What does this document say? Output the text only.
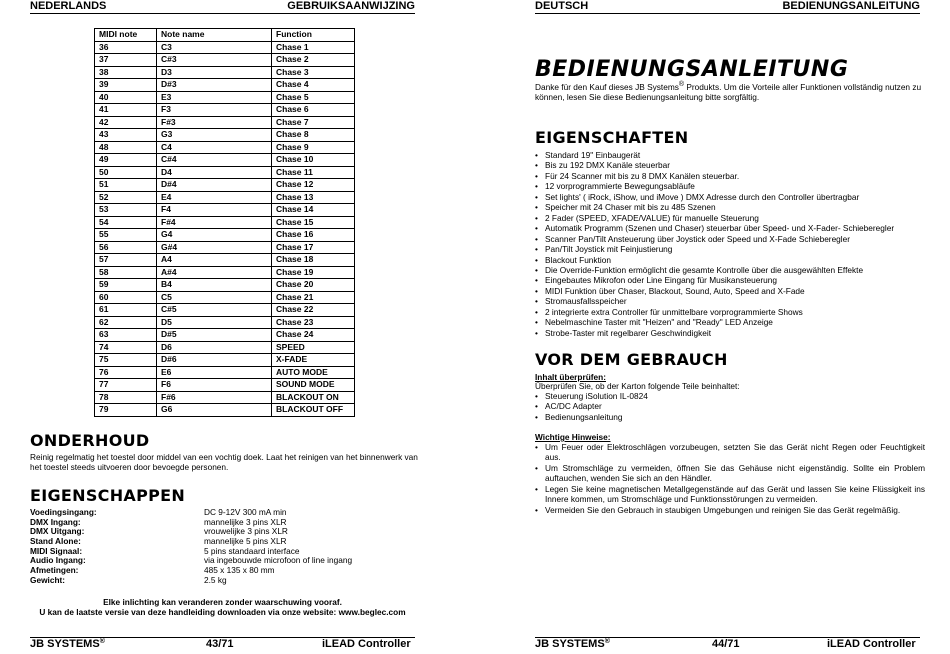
NEDERLANDS	GEBRUIKSAANWIJZING
MIDI note	Note name	Function
36	C3	Chase 1
37	C#3	Chase 2
38	D3	Chase 3
39	D#3	Chase 4
40	E3	Chase 5
41	F3	Chase 6
42	F#3	Chase 7
43	G3	Chase 8
48	C4	Chase 9
49	C#4	Chase 10
50	D4	Chase 11
51	D#4	Chase 12
52	E4	Chase 13
53	F4	Chase 14
54	F#4	Chase 15
55	G4	Chase 16
56	G#4	Chase 17
57	A4	Chase 18
58	A#4	Chase 19
59	B4	Chase 20
60	C5	Chase 21
61	C#5	Chase 22
62	D5	Chase 23
63	D#5	Chase 24
74	D6	SPEED
75	D#6	X-FADE
76	E6	AUTO MODE
77	F6	SOUND MODE
78	F#6	BLACKOUT ON
79	G6	BLACKOUT OFF
ONDERHOUD

Reinig regelmatig het toestel door middel van een vochtig doek. Laat het reinigen van het binnenwerk van het toestel steeds uitvoeren door bevoegde personen.

EIGENSCHAPPEN
Voedingsingang:	DC 9-12V 300 mA min
DMX Ingang:	mannelijke 3 pins XLR
DMX Uitgang:	vrouwelijke 3 pins XLR
Stand Alone:	mannelijke 5 pins XLR
MIDI Signaal:	5 pins standaard interface
Audio Ingang:	via ingebouwde microfoon of line ingang
Afmetingen:	485 x 135 x 80 mm
Gewicht:	2.5 kg
Elke inlichting kan veranderen zonder waarschuwing vooraf.
U kan de laatste versie van deze handleiding downloaden via onze website: www.beglec.com
JB SYSTEMS®	43/71	iLEAD Controller
DEUTSCH	BEDIENUNGSANLEITUNG
BEDIENUNGSANLEITUNG

Danke für den Kauf dieses JB Systems® Produkts. Um die Vorteile aller Funktionen vollständig nutzen zu können, lesen Sie diese Bedienungsanleitung bitte sorgfältig.

EIGENSCHAFTEN
• Standard 19" Einbaugerät
• Bis zu 192 DMX Kanäle steuerbar
• Für 24 Scanner mit bis zu 8 DMX Kanälen steuerbar.
• 12 vorprogrammierte Bewegungsabläufe
• Set lights' ( iRock, iShow, und iMove ) DMX Adresse durch den Controller übertragbar
• Speicher mit 24 Chaser mit bis zu 485 Szenen
• 2 Fader (SPEED, XFADE/VALUE) für manuelle Steuerung
• Automatik Programm (Szenen und Chaser) steuerbar über Speed- und X-Fader- Schieberegler
• Scanner Pan/Tilt Ansteuerung über Joystick oder Speed und X-Fade Schieberegler
• Pan/Tilt Joystick mit Feinjustierung
• Blackout Funktion
• Die Override-Funktion ermöglicht die gesamte Kontrolle über die ausgewählten Effekte
• Eingebautes Mikrofon oder Line Eingang für Musikansteuerung
• MIDI Funktion über Chaser, Blackout, Sound, Auto, Speed and X-Fade
• Stromausfallsspeicher
• 2 integrierte extra Controller für unmittelbare vorprogrammierte Shows
• Nebelmaschine Taster mit "Heizen" and "Ready" LED Anzeige
• Strobe-Taster mit regelbarer Geschwindigkeit
VOR DEM GEBRAUCH
Inhalt überprüfen:

Überprüfen Sie, ob der Karton folgende Teile beinhaltet:

• Steuerung iSolution IL-0824
• AC/DC Adapter
• Bedienungsanleitung
Wichtige Hinweise:
• Um Feuer oder Elektroschlägen vorzubeugen, setzten Sie das Gerät nicht Regen oder Feuchtigkeit aus.
• Um Stromschläge zu vermeiden, öffnen Sie das Gehäuse nicht eigenständig. Sollte ein Problem auftauchen, wenden Sie sich an den Händler.
• Legen Sie keine magnetischen Metallgegenstände auf das Gerät und lassen Sie keine Flüssigkeit ins Innere kommen, um Stromschläge und Funktionsstörungen zu vermeiden.
• Vermeiden Sie den Gebrauch in staubigen Umgebungen und reinigen Sie das Gerät regelmäßig.
JB SYSTEMS®	44/71	iLEAD Controller
